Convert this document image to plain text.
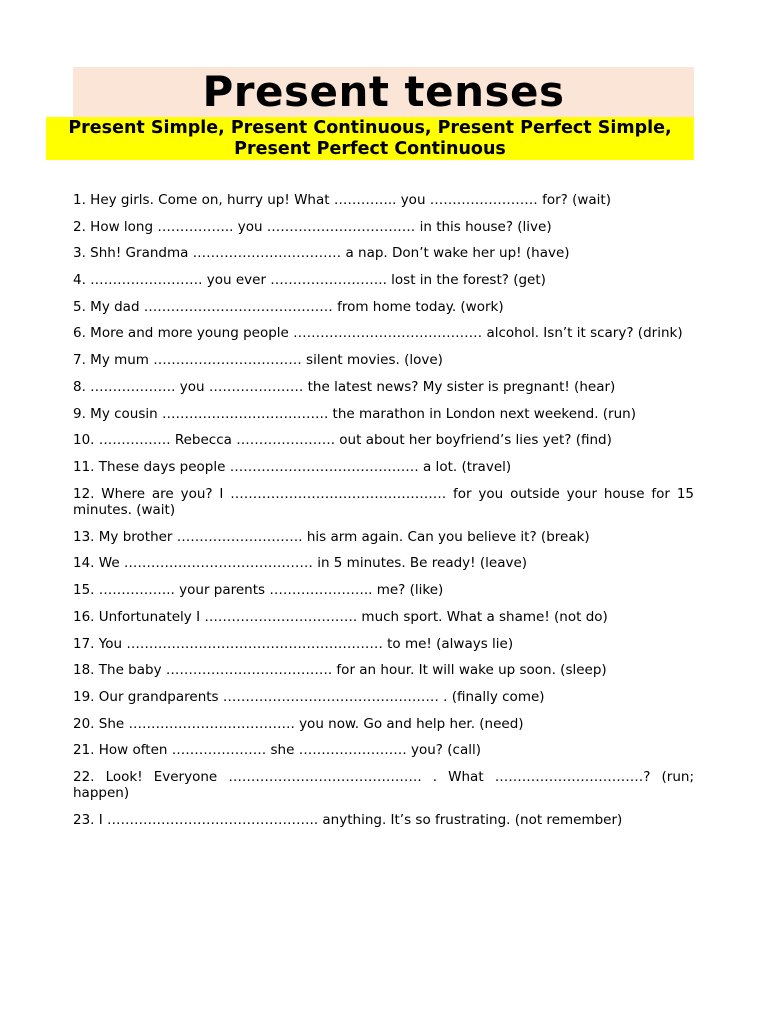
Present tenses

Present Simple, Present Continuous, Present Perfect Simple, Present Perfect Continuous

1. Hey girls. Come on, hurry up! What ………….. you …………………… for? (wait)
2. How long …………….. you …………………………… in this house? (live)
3. Shh! Grandma …………………………… a nap. Don’t wake her up! (have)
4. ……………………. you ever …………………….. lost in the forest? (get)
5. My dad …………………………………… from home today. (work)
6. More and more young people …………………………………… alcohol. Isn’t it scary? (drink)
7. My mum …………………………… silent movies. (love)
8. ………………. you ………………… the latest news? My sister is pregnant! (hear)
9. My cousin ………………………………. the marathon in London next weekend. (run)
10. ……………. Rebecca …………………. out about her boyfriend’s lies yet? (find)
11. These days people …………………………………… a lot. (travel)
12. Where are you? I ………………………………………… for you outside your house for 15 minutes. (wait)
13. My brother ………………………. his arm again. Can you believe it? (break)
14. We …………………………………… in 5 minutes. Be ready! (leave)
15. …………….. your parents ………………….. me? (like)
16. Unfortunately I ……………………………. much sport. What a shame! (not do)
17. You ………………………………………………… to me! (always lie)
18. The baby ………………………………. for an hour. It will wake up soon. (sleep)
19. Our grandparents ………………………………………… . (finally come)
20. She ………………………………. you now. Go and help her. (need)
21. How often ………………… she …………………… you? (call)
22. Look! Everyone ……………………………………. . What ……………………………? (run; happen)
23. I ……………………………………….. anything. It’s so frustrating. (not remember)
